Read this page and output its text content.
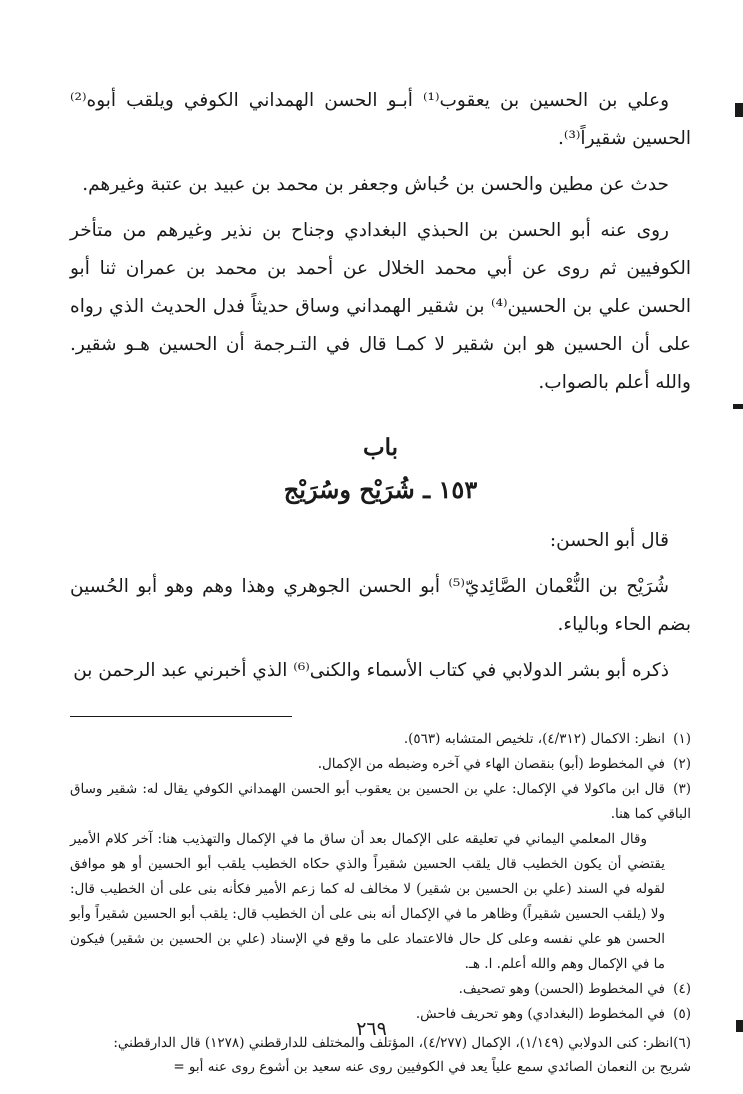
وعلي بن الحسين بن يعقوب⁽¹⁾ أبـو الحسن الهمداني الكوفي ويلقب أبوه⁽²⁾ الحسين شقيراً⁽³⁾.

حدث عن مطين والحسن بن حُباش وجعفر بن محمد بن عبيد بن عتبة وغيرهم.

روى عنه أبو الحسن بن الحبذي البغدادي وجناح بن نذير وغيرهم من متأخر الكوفيين ثم روى عن أبي محمد الخلال عن أحمد بن محمد بن عمران ثنا أبو الحسن علي بن الحسين⁽⁴⁾ بن شقير الهمداني وساق حديثاً فدل الحديث الذي رواه على أن الحسين هو ابن شقير لا كمـا قال في التـرجمة أن الحسين هـو شقير. والله أعلم بالصواب.

باب
١٥٣ ـ شُرَيْح وسُرَيْج

قال أبو الحسن:

شُرَيْح بن النُّعْمان الصَّائِديّ⁽⁵⁾ أبو الحسن الجوهري وهذا وهم وهو أبو الحُسين بضم الحاء وبالياء.

ذكره أبو بشر الدولابي في كتاب الأسماء والكنى⁽⁶⁾ الذي أخبرني عبد الرحمن بن

(١)انظر: الاكمال (٤/٣١٢)، تلخيص المتشابه (٥٦٣).

(٢)في المخطوط (أبو) بنقصان الهاء في آخره وضبطه من الإكمال.

(٣)قال ابن ماكولا في الإكمال: علي بن الحسين بن يعقوب أبو الحسن الهمداني الكوفي يقال له: شقير وساق الباقي كما هنا.

وقال المعلمي اليماني في تعليقه على الإكمال بعد أن ساق ما في الإكمال والتهذيب هنا: آخر كلام الأمير يقتضي أن يكون الخطيب قال يلقب الحسين شقيراً والذي حكاه الخطيب يلقب أبو الحسين أو هو موافق لقوله في السند (علي بن الحسين بن شقير) لا مخالف له كما زعم الأمير فكأنه بنى على أن الخطيب قال: ولا (يلقب الحسين شقيراً) وظاهر ما في الإكمال أنه بنى على أن الخطيب قال: يلقب أبو الحسين شقيراً وأبو الحسن هو علي نفسه وعلى كل حال فالاعتماد على ما وقع في الإسناد (علي بن الحسين بن شقير) فيكون ما في الإكمال وهم والله أعلم. ا. هـ.

(٤)في المخطوط (الحسن) وهو تصحيف.

(٥)في المخطوط (البغدادي) وهو تحريف فاحش.

(٦)انظر: كنى الدولابي (١/١٤٩)، الإكمال (٤/٢٧٧)، المؤتلف والمختلف للدارقطني (١٢٧٨) قال الدارقطني:

شريح بن النعمان الصائدي سمع علياً يعد في الكوفيين روى عنه سعيد بن أشوع روى عنه أبو =

٢٦٩
